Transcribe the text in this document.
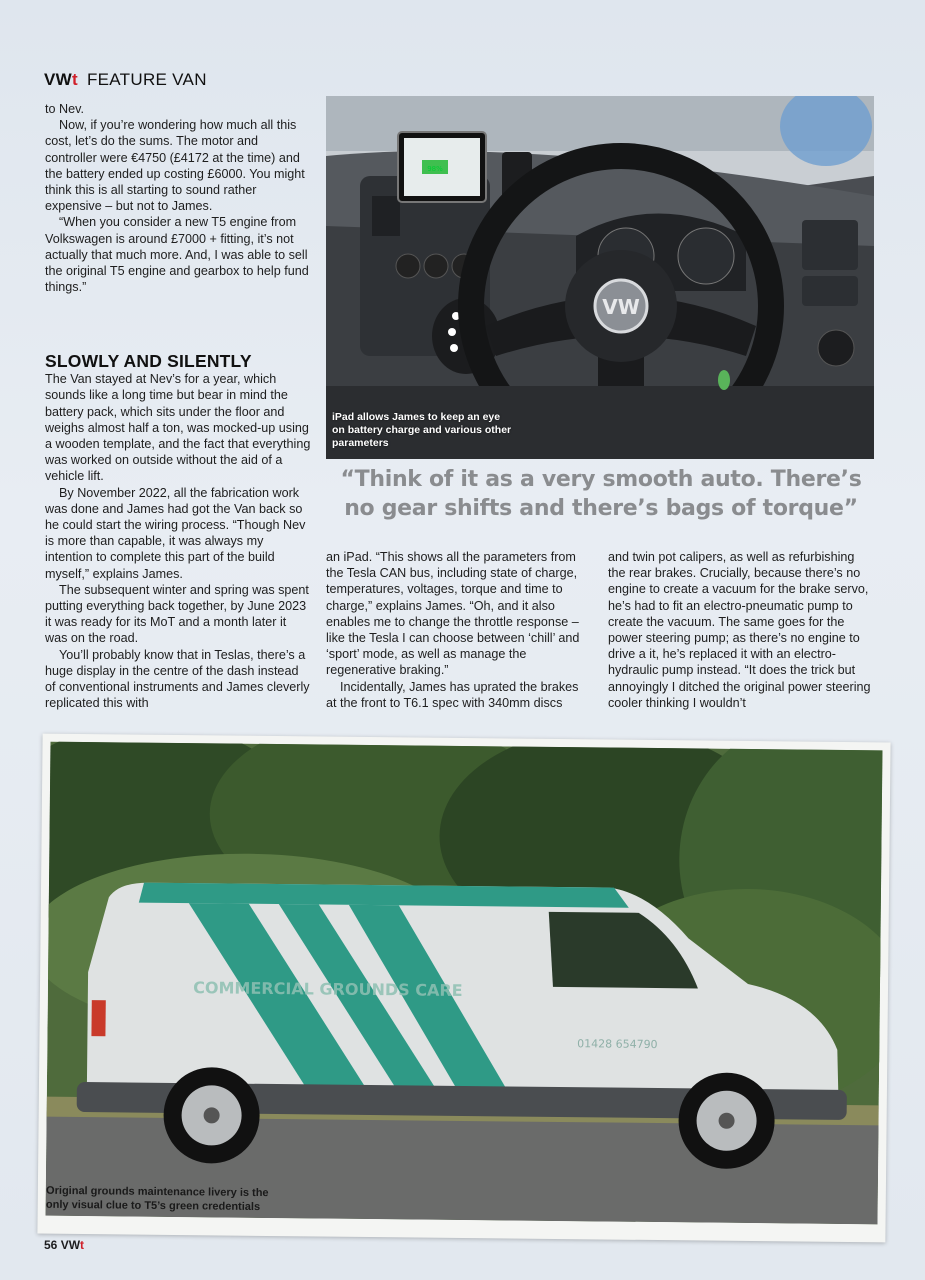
VWt FEATURE VAN

to Nev.

Now, if you’re wondering how much all this cost, let’s do the sums. The motor and controller were €4750 (£4172 at the time) and the battery ended up costing £6000. You might think this is all starting to sound rather expensive – but not to James.

“When you consider a new T5 engine from Volkswagen is around £7000 + fitting, it’s not actually that much more. And, I was able to sell the original T5 engine and gearbox to help fund things.”

SLOWLY AND SILENTLY

The Van stayed at Nev’s for a year, which sounds like a long time but bear in mind the battery pack, which sits under the floor and weighs almost half a ton, was mocked-up using a wooden template, and the fact that everything was worked on outside without the aid of a vehicle lift.

By November 2022, all the fabrication work was done and James had got the Van back so he could start the wiring process. “Though Nev is more than capable, it was always my intention to complete this part of the build myself,” explains James.

The subsequent winter and spring was spent putting everything back together, by June 2023 it was ready for its MoT and a month later it was on the road.

You’ll probably know that in Teslas, there’s a huge display in the centre of the dash instead of conventional instruments and James cleverly replicated this with

98%
VW
iPad allows James to keep an eye on battery charge and various other parameters
“Think of it as a very smooth auto. There’s no gear shifts and there’s bags of torque”

an iPad. “This shows all the parameters from the Tesla CAN bus, including state of charge, temperatures, voltages, torque and time to charge,” explains James. “Oh, and it also enables me to change the throttle response – like the Tesla I can choose between ‘chill’ and ‘sport’ mode, as well as manage the regenerative braking.”

Incidentally, James has uprated the brakes at the front to T6.1 spec with 340mm discs

and twin pot calipers, as well as refurbishing the rear brakes. Crucially, because there’s no engine to create a vacuum for the brake servo, he’s had to fit an electro-pneumatic pump to create the vacuum. The same goes for the power steering pump; as there’s no engine to drive a it, he’s replaced it with an electro-hydraulic pump instead. “It does the trick but annoyingly I ditched the original power steering cooler thinking I wouldn’t

COMMERCIAL GROUNDS CARE
01428 654790
Original grounds maintenance livery is the only visual clue to T5’s green credentials
56 VWt
